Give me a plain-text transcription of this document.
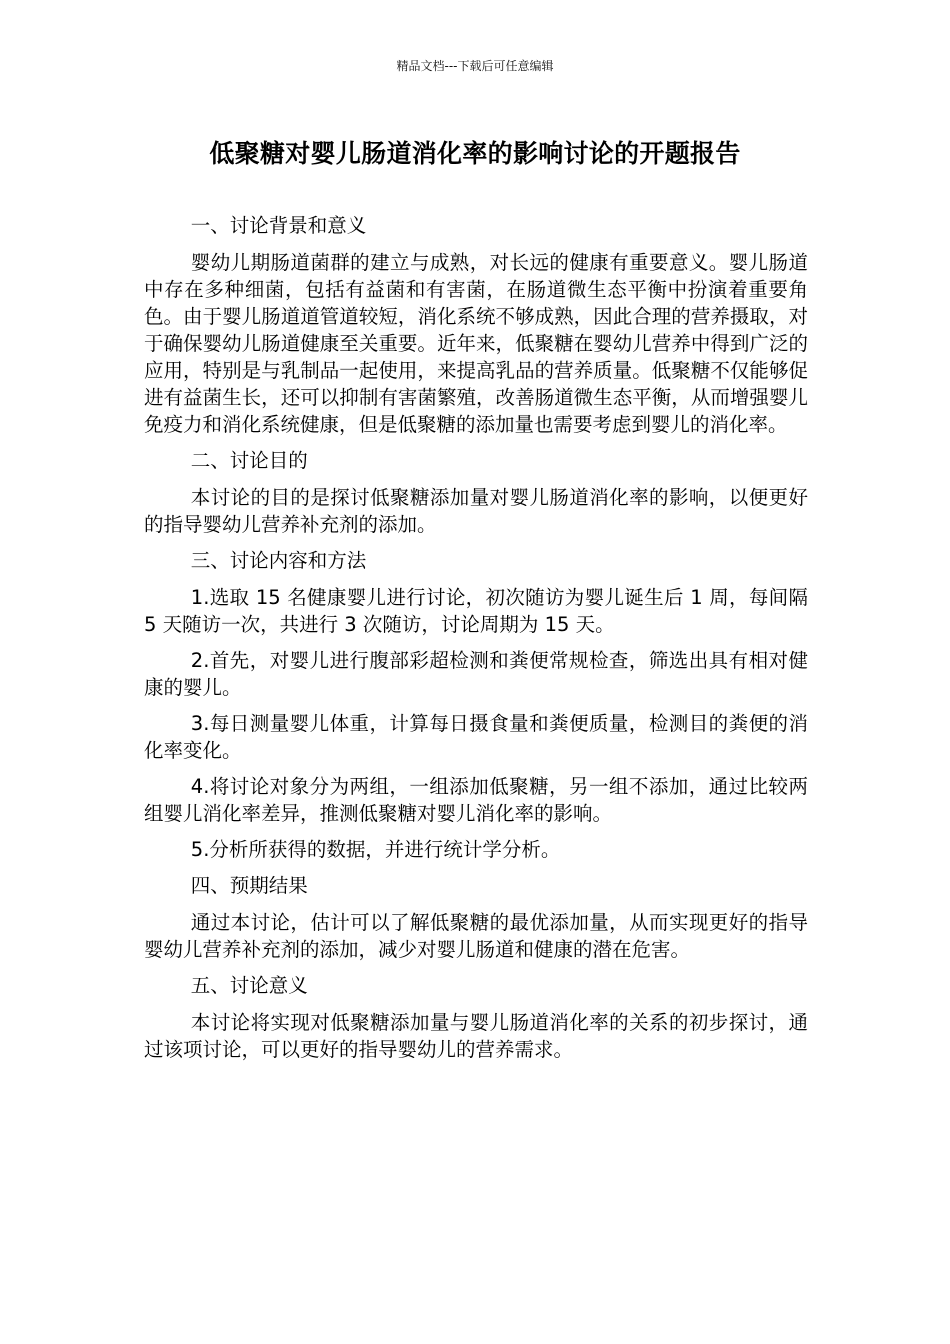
精品文档---下载后可任意编辑
低聚糖对婴儿肠道消化率的影响讨论的开题报告

一、讨论背景和意义

婴幼儿期肠道菌群的建立与成熟，对长远的健康有重要意义。婴儿肠道中存在多种细菌，包括有益菌和有害菌，在肠道微生态平衡中扮演着重要角色。由于婴儿肠道道管道较短，消化系统不够成熟，因此合理的营养摄取，对于确保婴幼儿肠道健康至关重要。近年来，低聚糖在婴幼儿营养中得到广泛的应用，特别是与乳制品一起使用，来提高乳品的营养质量。低聚糖不仅能够促进有益菌生长，还可以抑制有害菌繁殖，改善肠道微生态平衡，从而增强婴儿免疫力和消化系统健康，但是低聚糖的添加量也需要考虑到婴儿的消化率。

二、讨论目的

本讨论的目的是探讨低聚糖添加量对婴儿肠道消化率的影响，以便更好的指导婴幼儿营养补充剂的添加。

三、讨论内容和方法

1.选取 15 名健康婴儿进行讨论，初次随访为婴儿诞生后 1 周，每间隔 5 天随访一次，共进行 3 次随访，讨论周期为 15 天。

2.首先，对婴儿进行腹部彩超检测和粪便常规检查，筛选出具有相对健康的婴儿。

3.每日测量婴儿体重，计算每日摄食量和粪便质量，检测目的粪便的消化率变化。

4.将讨论对象分为两组，一组添加低聚糖，另一组不添加，通过比较两组婴儿消化率差异，推测低聚糖对婴儿消化率的影响。

5.分析所获得的数据，并进行统计学分析。

四、预期结果

通过本讨论，估计可以了解低聚糖的最优添加量，从而实现更好的指导婴幼儿营养补充剂的添加，减少对婴儿肠道和健康的潜在危害。

五、讨论意义

本讨论将实现对低聚糖添加量与婴儿肠道消化率的关系的初步探讨，通过该项讨论，可以更好的指导婴幼儿的营养需求。
